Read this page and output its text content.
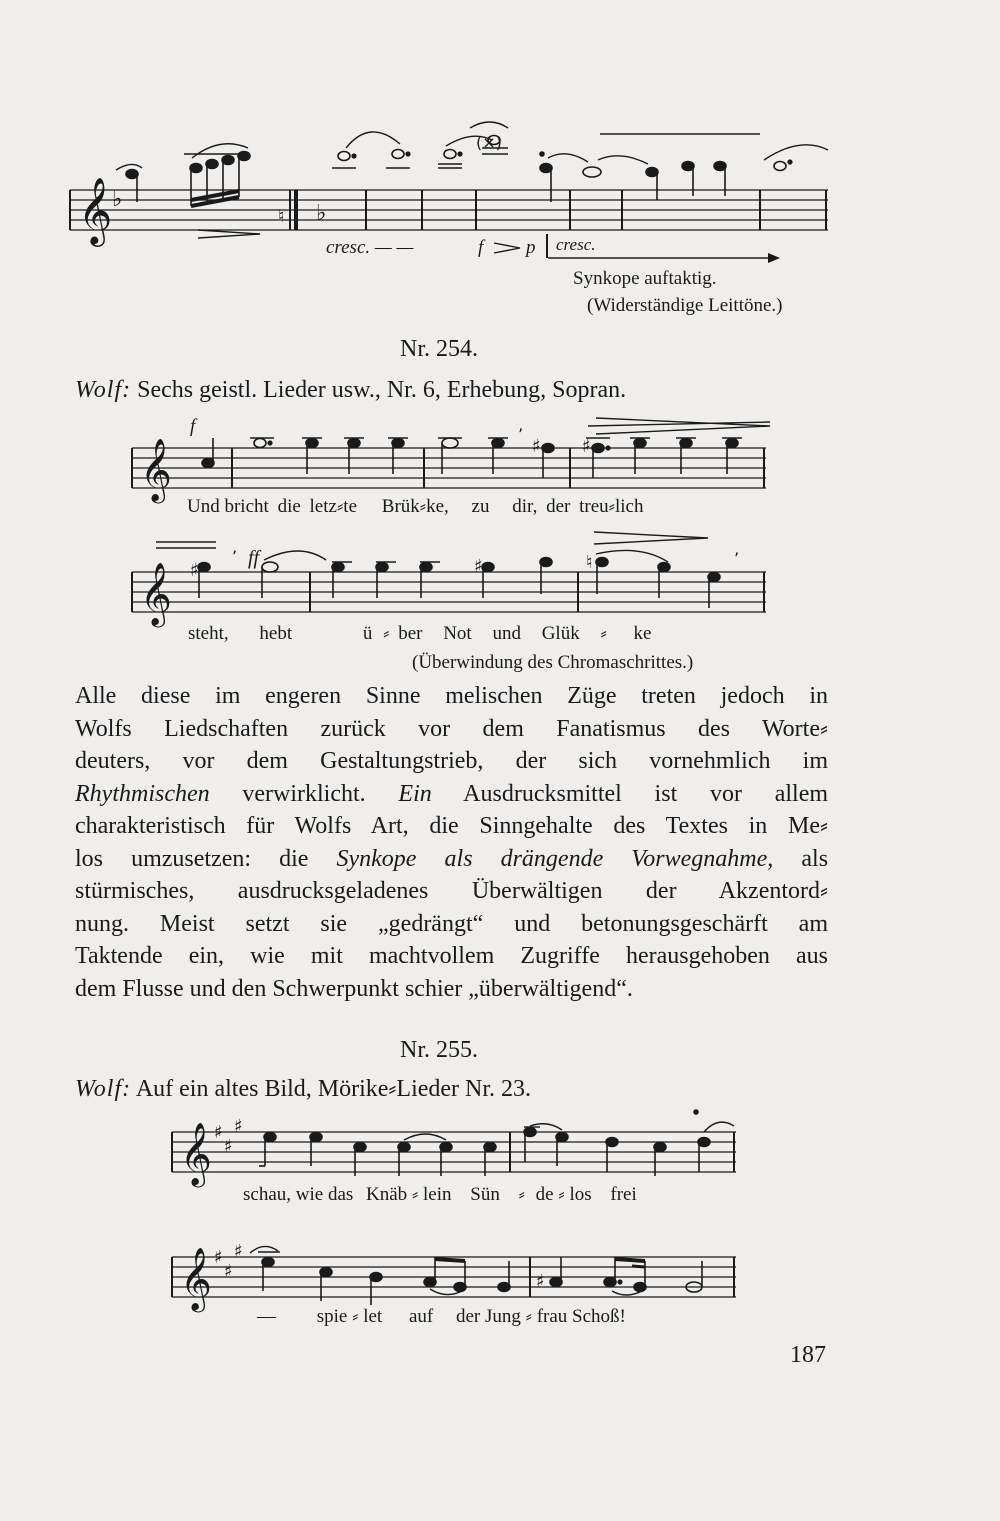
𝄞 ♭
♭
♮
(×)
cresc. — —	f p cresc.
Synkope auftaktig.
(Widerständige Leittöne.)
Nr. 254.
Wolf: Sechs geistl. Lieder usw., Nr. 6, Erhebung, Sopran.
𝄞
f	’
♯ ♯
Und bricht die letz⸗te Brük⸗ke, zu dir, der treu⸗lich
𝄞
ff
♯	♯	♮
’	’
steht, hebt	ü ⸗ ber Not und Glük ⸗ ke
(Überwindung des Chromaschrittes.)
Alle diese im engeren Sinne melischen Züge treten jedoch in
Wolfs Liedschaften zurück vor dem Fanatismus des Worte⸗
deuters, vor dem Gestaltungstrieb, der sich vornehmlich im
Rhythmischen verwirklicht. Ein Ausdrucksmittel ist vor allem
charakteristisch für Wolfs Art, die Sinngehalte des Textes in Me⸗
los umzusetzen: die Synkope als drängende Vorwegnahme, als
stürmisches, ausdrucksgeladenes Überwältigen der Akzentord⸗
nung. Meist setzt sie „gedrängt“ und betonungsgeschärft am
Taktende ein, wie mit machtvollem Zugriffe herausgehoben aus
dem Flusse und den Schwerpunkt schier „überwältigend“.
Nr. 255.
Wolf: Auf ein altes Bild, Mörike⸗Lieder Nr. 23.
𝄞 ♯
♯
♯
schau, wie das Knäb ⸗ lein Sün ⸗ de ⸗ los frei
𝄞 ♯
♯
♯
♯
— spie ⸗ let auf der Jung ⸗ frau Schoß!
187
